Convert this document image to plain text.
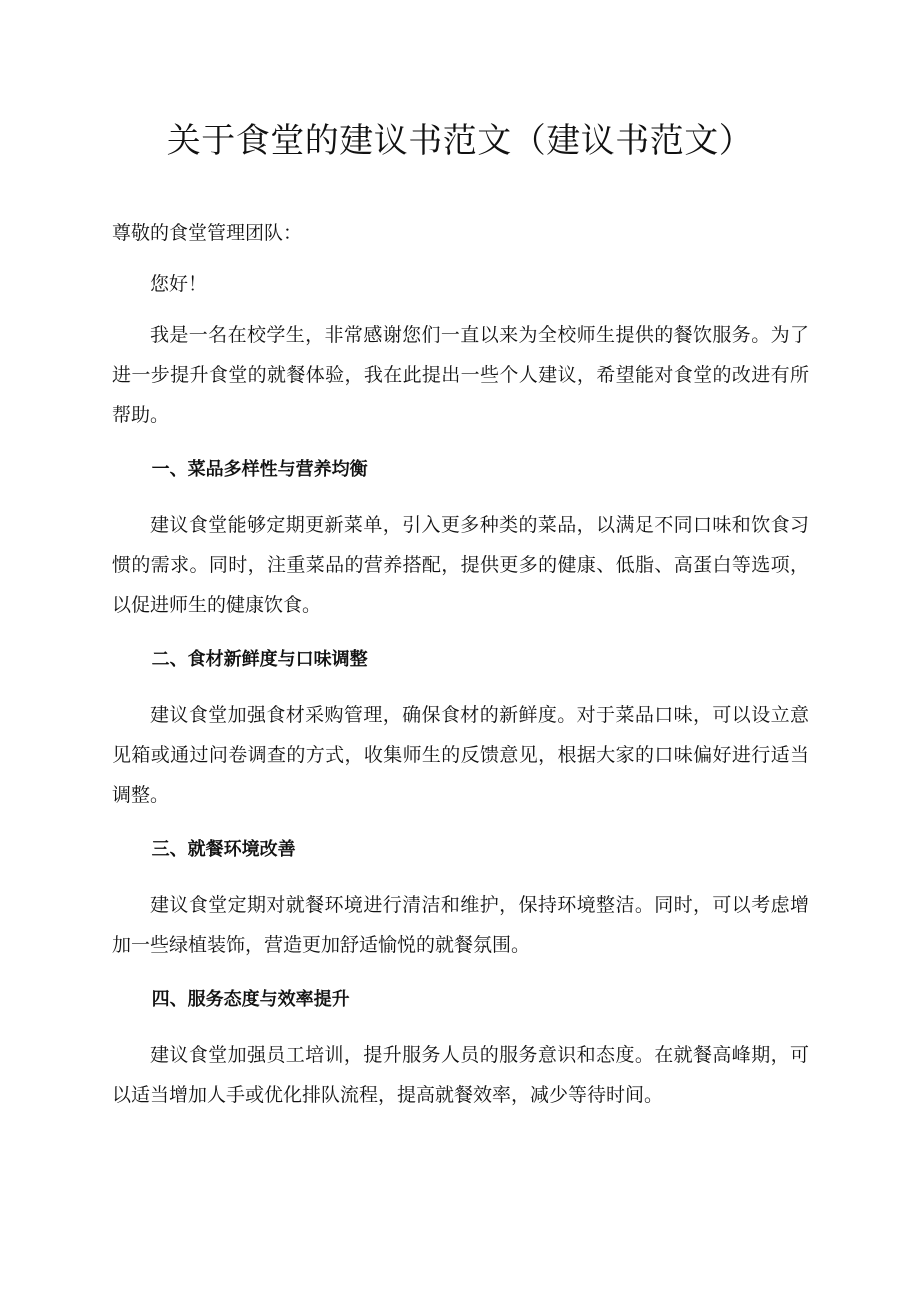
关于食堂的建议书范文（建议书范文）

尊敬的食堂管理团队：

您好！

我是一名在校学生，非常感谢您们一直以来为全校师生提供的餐饮服务。为了进一步提升食堂的就餐体验，我在此提出一些个人建议，希望能对食堂的改进有所帮助。

一、菜品多样性与营养均衡

建议食堂能够定期更新菜单，引入更多种类的菜品，以满足不同口味和饮食习惯的需求。同时，注重菜品的营养搭配，提供更多的健康、低脂、高蛋白等选项，以促进师生的健康饮食。

二、食材新鲜度与口味调整

建议食堂加强食材采购管理，确保食材的新鲜度。对于菜品口味，可以设立意见箱或通过问卷调查的方式，收集师生的反馈意见，根据大家的口味偏好进行适当调整。

三、就餐环境改善

建议食堂定期对就餐环境进行清洁和维护，保持环境整洁。同时，可以考虑增加一些绿植装饰，营造更加舒适愉悦的就餐氛围。

四、服务态度与效率提升

建议食堂加强员工培训，提升服务人员的服务意识和态度。在就餐高峰期，可以适当增加人手或优化排队流程，提高就餐效率，减少等待时间。
